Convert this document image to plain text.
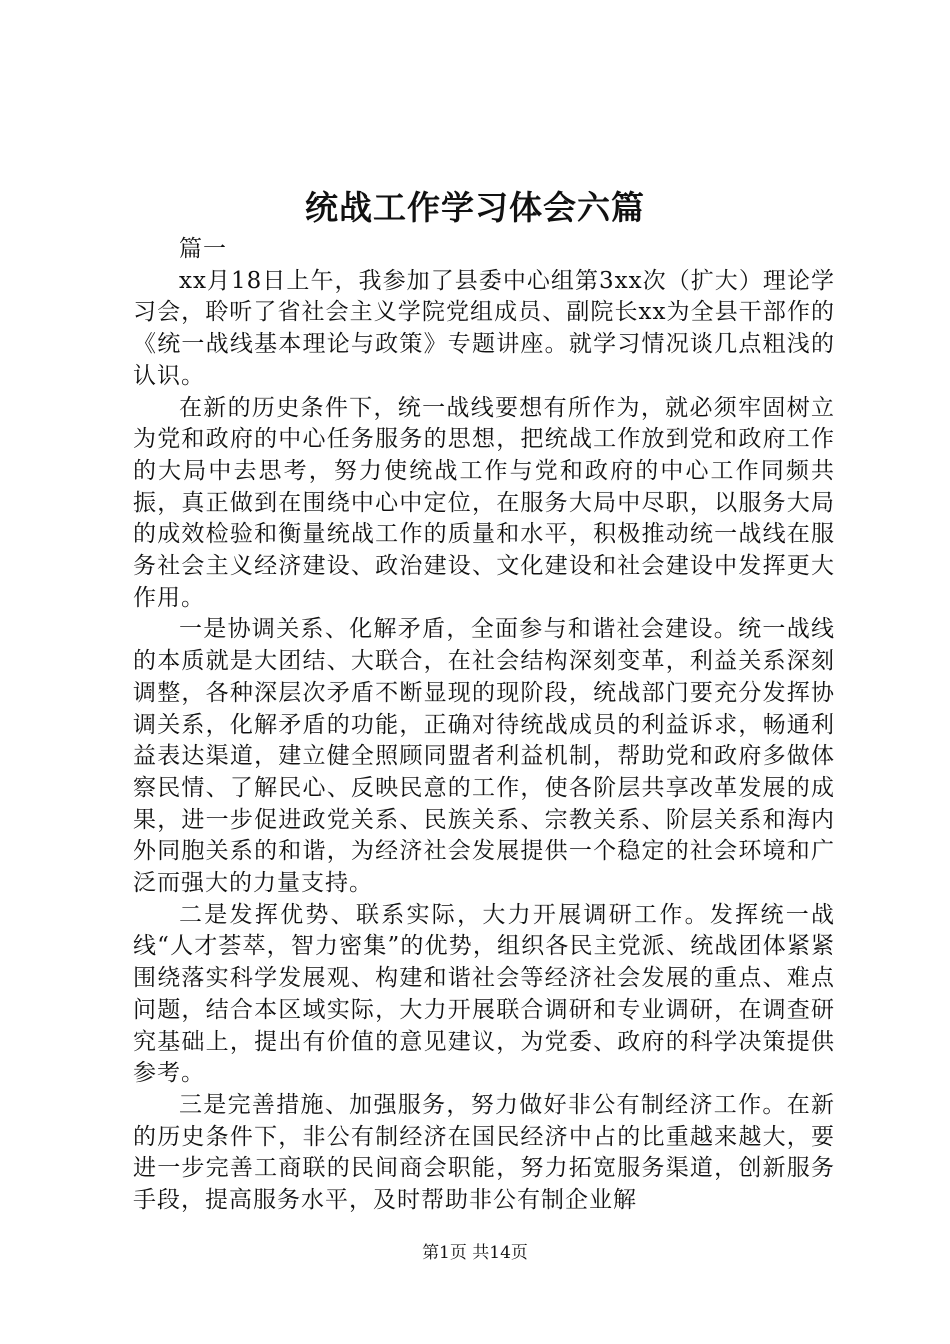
统战工作学习体会六篇

篇一

xx月18日上午，我参加了县委中心组第3xx次（扩大）理论学习会，聆听了省社会主义学院党组成员、副院长xx为全县干部作的《统一战线基本理论与政策》专题讲座。就学习情况谈几点粗浅的认识。

在新的历史条件下，统一战线要想有所作为，就必须牢固树立为党和政府的中心任务服务的思想，把统战工作放到党和政府工作的大局中去思考，努力使统战工作与党和政府的中心工作同频共振，真正做到在围绕中心中定位，在服务大局中尽职，以服务大局的成效检验和衡量统战工作的质量和水平，积极推动统一战线在服务社会主义经济建设、政治建设、文化建设和社会建设中发挥更大作用。

一是协调关系、化解矛盾，全面参与和谐社会建设。统一战线的本质就是大团结、大联合，在社会结构深刻变革，利益关系深刻调整，各种深层次矛盾不断显现的现阶段，统战部门要充分发挥协调关系，化解矛盾的功能，正确对待统战成员的利益诉求，畅通利益表达渠道，建立健全照顾同盟者利益机制，帮助党和政府多做体察民情、了解民心、反映民意的工作，使各阶层共享改革发展的成果，进一步促进政党关系、民族关系、宗教关系、阶层关系和海内外同胞关系的和谐，为经济社会发展提供一个稳定的社会环境和广泛而强大的力量支持。

二是发挥优势、联系实际，大力开展调研工作。发挥统一战线“人才荟萃，智力密集”的优势，组织各民主党派、统战团体紧紧围绕落实科学发展观、构建和谐社会等经济社会发展的重点、难点问题，结合本区域实际，大力开展联合调研和专业调研，在调查研究基础上，提出有价值的意见建议，为党委、政府的科学决策提供参考。

三是完善措施、加强服务，努力做好非公有制经济工作。在新的历史条件下，非公有制经济在国民经济中占的比重越来越大，要进一步完善工商联的民间商会职能，努力拓宽服务渠道，创新服务手段，提高服务水平，及时帮助非公有制企业解

第1页 共14页
